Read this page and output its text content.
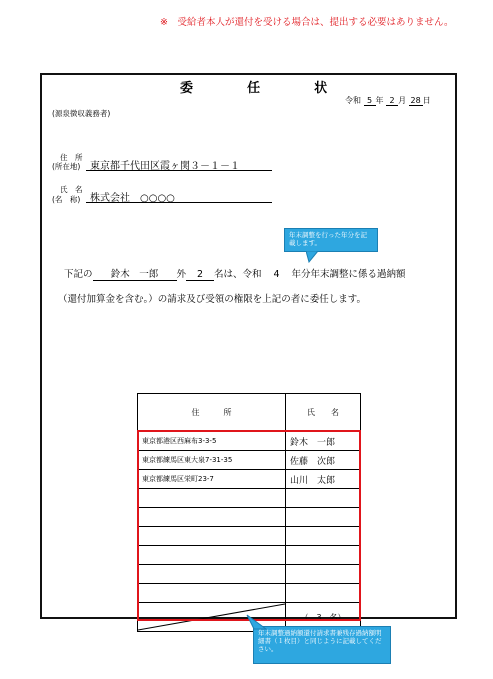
※　受給者本人が還付を受ける場合は、提出する必要はありません。
委	任	状
令和 5 年 2 月 28 日
(源泉徴収義務者)
住　所
(所在地) 東京都千代田区霞ヶ関３－１－１
氏　名
(名　称) 株式会社　○○○○
年末調整を行った年分を記載します。
下記の 鈴木　一郎 外 2 名は、令和 4 年分年末調整に係る過納額
（還付加算金を含む。）の請求及び受領の権限を上記の者に委任します。
住　　　所	氏　　名
東京都港区西麻布3-3-5	鈴木　一郎
東京都練馬区東大泉7-31-35	佐藤　次郎
東京都練馬区栄町23-7	山川　太郎

	（　3　名）
年末調整過納額還付請求書兼残存過納額明細書（１枚目）と同じように記載してください。
